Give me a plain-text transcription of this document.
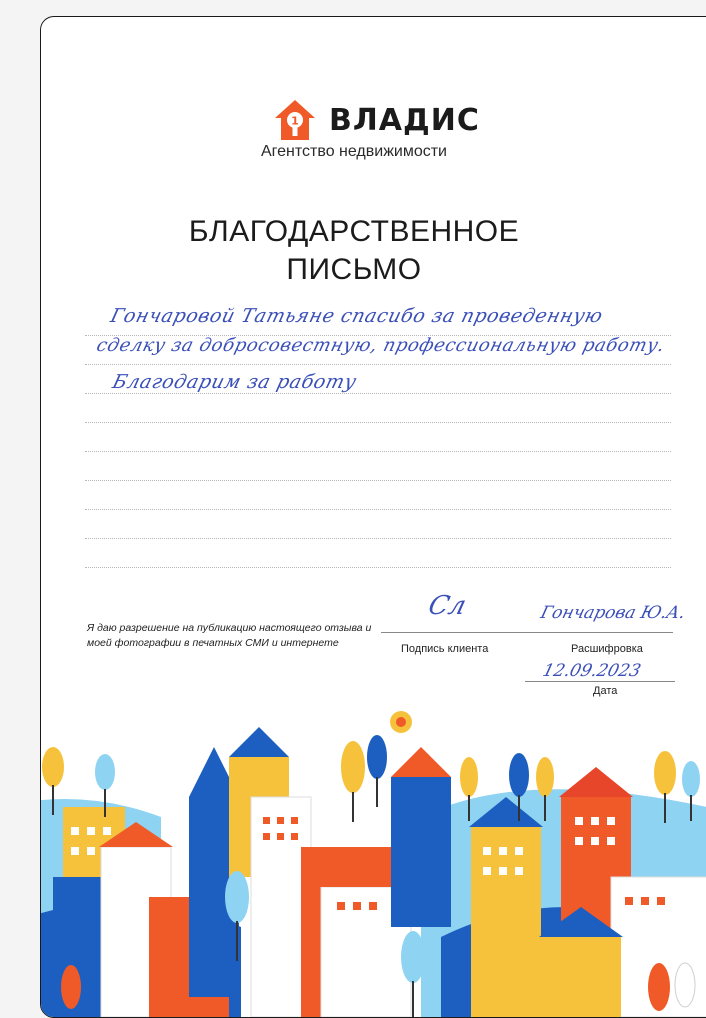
1 ВЛАДИС
Агентство недвижимости
БЛАГОДАРСТВЕННОЕ
ПИСЬМО
Гончаровой Татьяне спасибо за проведенную
сделку за добросовестную, профессиональную работу.
Благодарим за работу
Я даю разрешение на публикацию настоящего отзыва и моей фотографии в печатных СМИ и интернете
Сл
Подпись клиента
Гончарова Ю.А.
Расшифровка
12.09.2023
Дата
